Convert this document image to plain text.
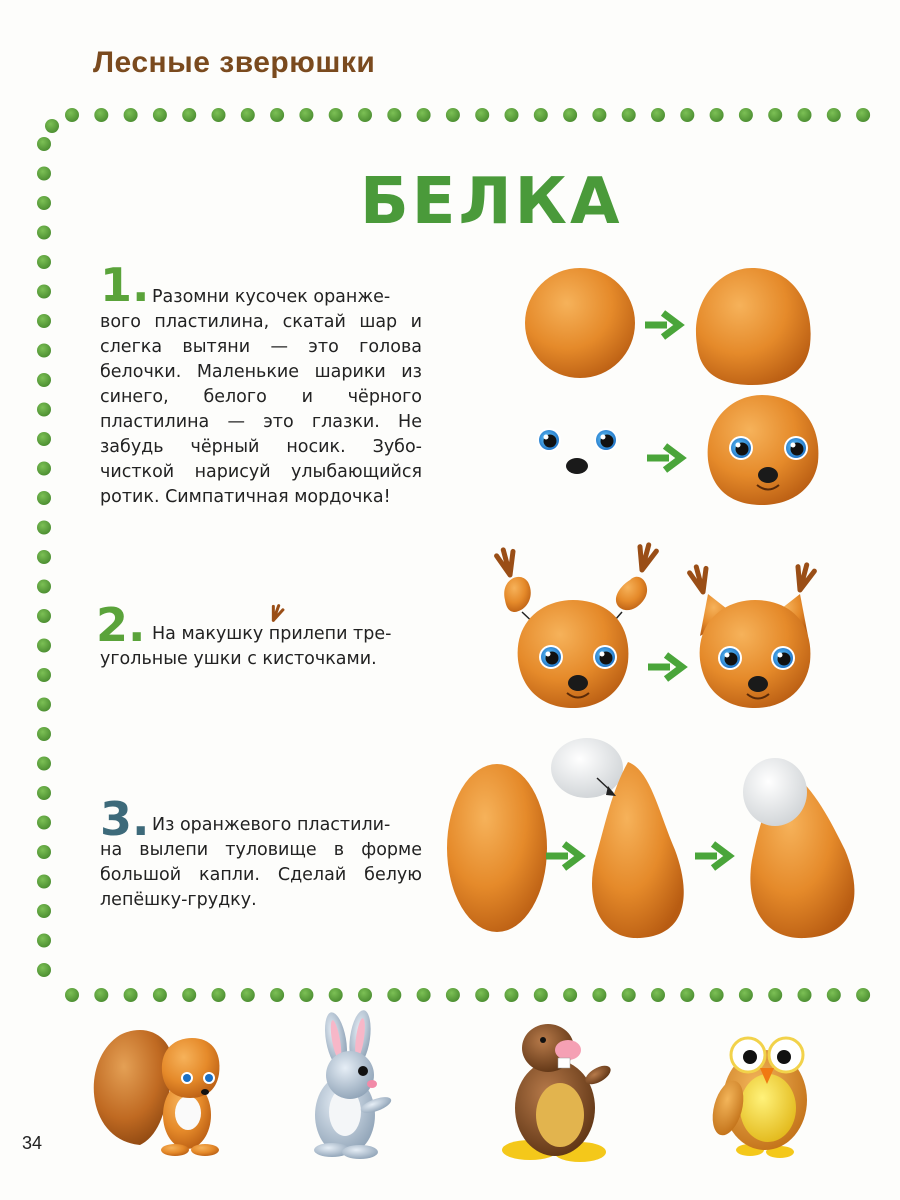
Лесные зверюшки
БЕЛКА
1. Разомни кусочек оранже-
вого пластилина, скатай шар и слегка вытяни — это голова белочки. Маленькие шарики из синего, белого и чёрного пластилина — это глазки. Не забудь чёрный носик. Зубо-чисткой нарисуй улыбающийся ротик. Симпатичная мордочка!
2. На макушку прилепи тре-
угольные ушки с кисточками.
3. Из оранжевого пластили-
на вылепи туловище в форме большой капли. Сделай белую лепёшку-грудку.
34
